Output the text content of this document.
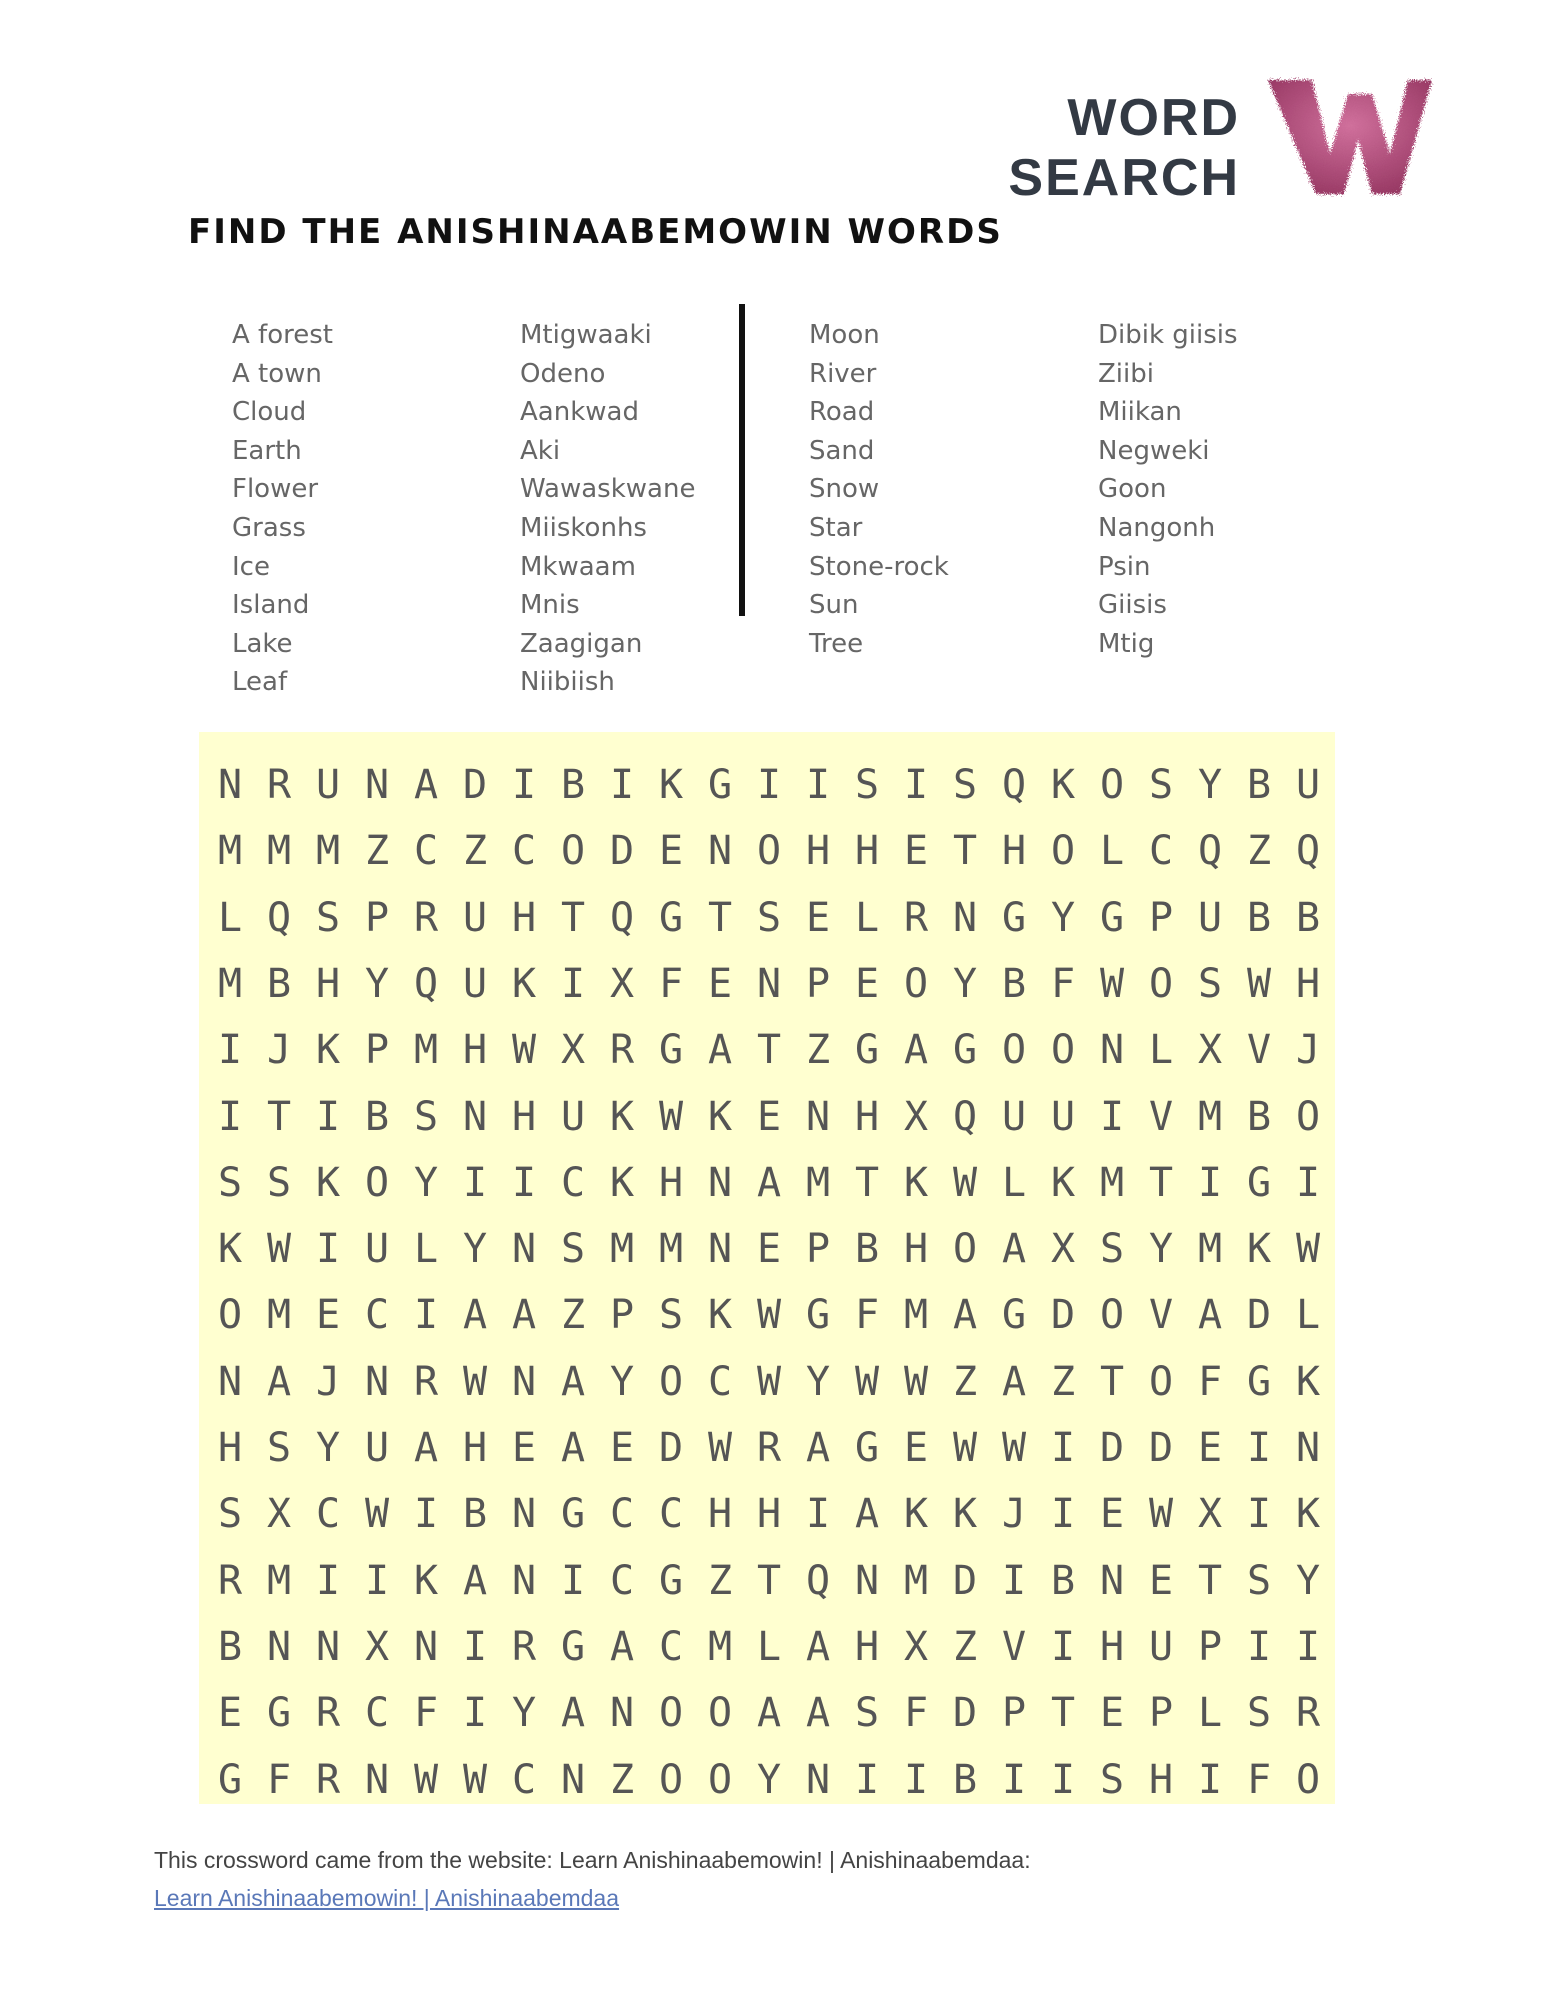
WORD SEARCH
FIND THE ANISHINAABEMOWIN WORDS
A forest
A town
Cloud
Earth
Flower
Grass
Ice
Island
Lake
Leaf
Mtigwaaki
Odeno
Aankwad
Aki
Wawaskwane
Miiskonhs
Mkwaam
Mnis
Zaagigan
Niibiish
Moon
River
Road
Sand
Snow
Star
Stone-rock
Sun
Tree
Dibik giisis
Ziibi
Miikan
Negweki
Goon
Nangonh
Psin
Giisis
Mtig
N R U N A D I B I K G I I S I S Q K O S Y B U
M M M Z C Z C O D E N O H H E T H O L C Q Z Q
L Q S P R U H T Q G T S E L R N G Y G P U B B
M B H Y Q U K I X F E N P E O Y B F W O S W H
I J K P M H W X R G A T Z G A G O O N L X V J
I T I B S N H U K W K E N H X Q U U I V M B O
S S K O Y I I C K H N A M T K W L K M T I G I
K W I U L Y N S M M N E P B H O A X S Y M K W
O M E C I A A Z P S K W G F M A G D O V A D L
N A J N R W N A Y O C W Y W W Z A Z T O F G K
H S Y U A H E A E D W R A G E W W I D D E I N
S X C W I B N G C C H H I A K K J I E W X I K
R M I I K A N I C G Z T Q N M D I B N E T S Y
B N N X N I R G A C M L A H X Z V I H U P I I
E G R C F I Y A N O O A A S F D P T E P L S R
G F R N W W C N Z O O Y N I I B I I S H I F O
This crossword came from the website: Learn Anishinaabemowin! | Anishinaabemdaa:
Learn Anishinaabemowin! | Anishinaabemdaa
